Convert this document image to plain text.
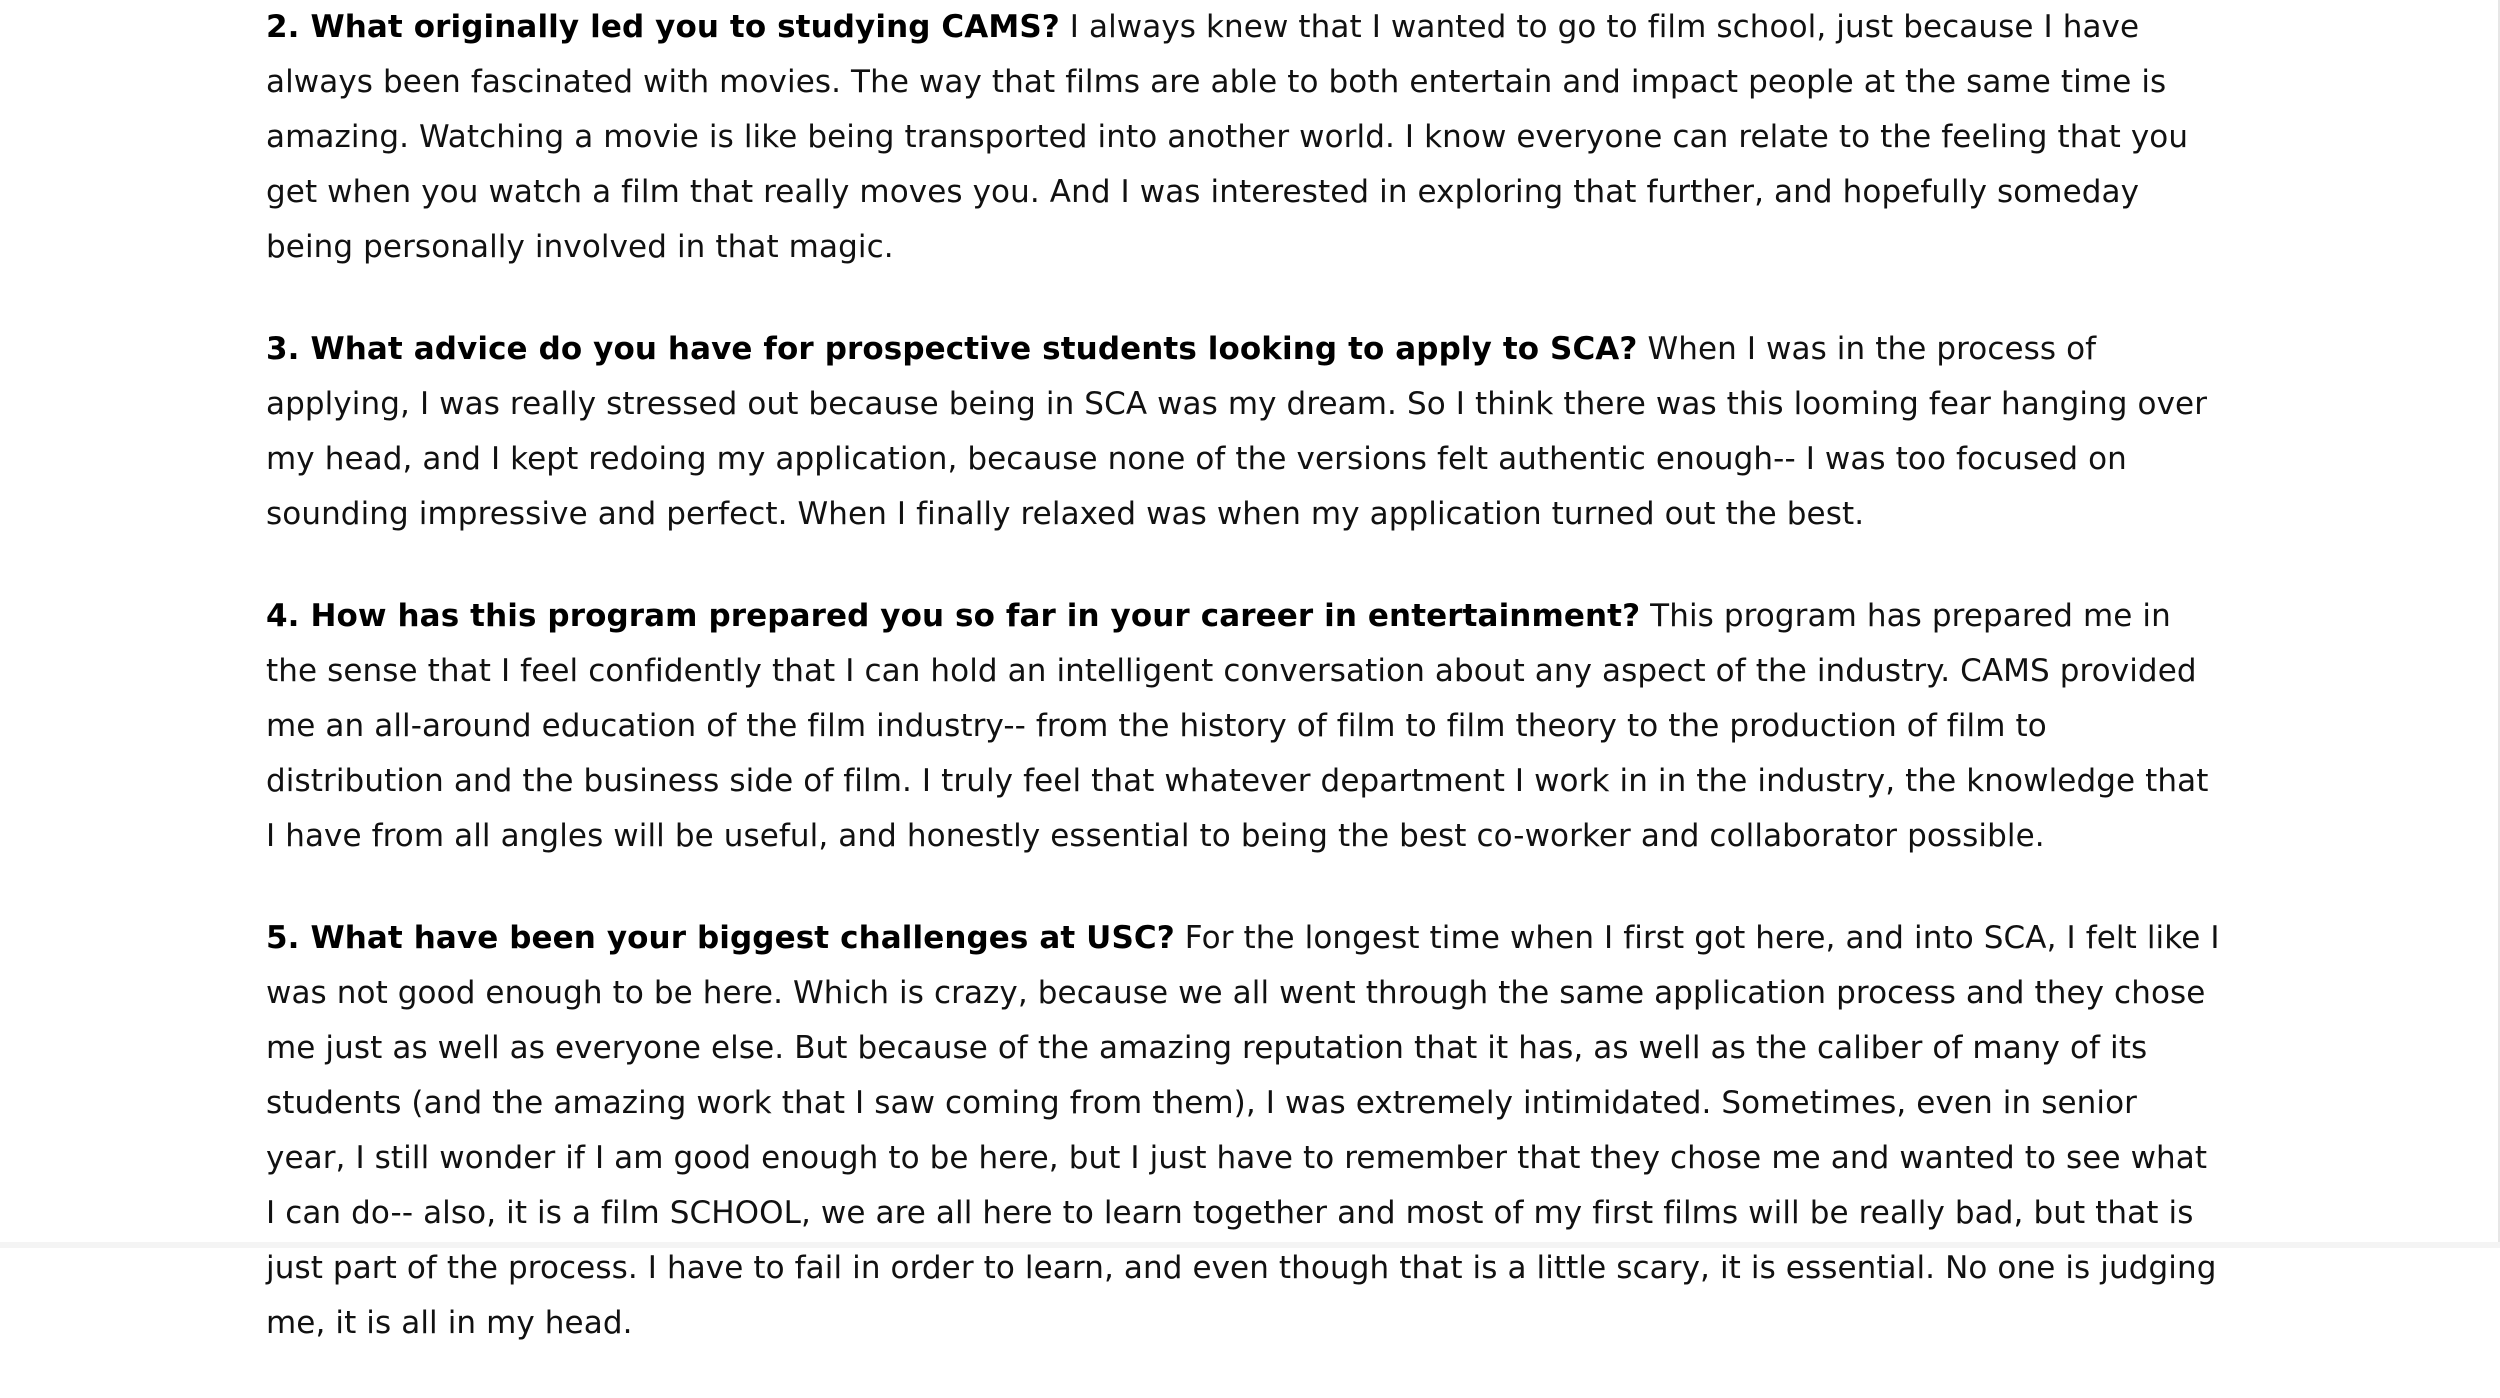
2. What originally led you to studying CAMS? I always knew that I wanted to go to film school, just because I have always been fascinated with movies. The way that films are able to both entertain and impact people at the same time is amazing. Watching a movie is like being transported into another world. I know everyone can relate to the feeling that you get when you watch a film that really moves you. And I was interested in exploring that further, and hopefully someday being personally involved in that magic.

3. What advice do you have for prospective students looking to apply to SCA? When I was in the process of applying, I was really stressed out because being in SCA was my dream. So I think there was this looming fear hanging over my head, and I kept redoing my application, because none of the versions felt authentic enough-- I was too focused on sounding impressive and perfect. When I finally relaxed was when my application turned out the best.

4. How has this program prepared you so far in your career in entertainment? This program has prepared me in the sense that I feel confidently that I can hold an intelligent conversation about any aspect of the industry. CAMS provided me an all-around education of the film industry-- from the history of film to film theory to the production of film to distribution and the business side of film. I truly feel that whatever department I work in in the industry, the knowledge that I have from all angles will be useful, and honestly essential to being the best co-worker and collaborator possible.

5. What have been your biggest challenges at USC? For the longest time when I first got here, and into SCA, I felt like I was not good enough to be here. Which is crazy, because we all went through the same application process and they chose me just as well as everyone else. But because of the amazing reputation that it has, as well as the caliber of many of its students (and the amazing work that I saw coming from them), I was extremely intimidated. Sometimes, even in senior year, I still wonder if I am good enough to be here, but I just have to remember that they chose me and wanted to see what I can do-- also, it is a film SCHOOL, we are all here to learn together and most of my first films will be really bad, but that is just part of the process. I have to fail in order to learn, and even though that is a little scary, it is essential. No one is judging me, it is all in my head.
